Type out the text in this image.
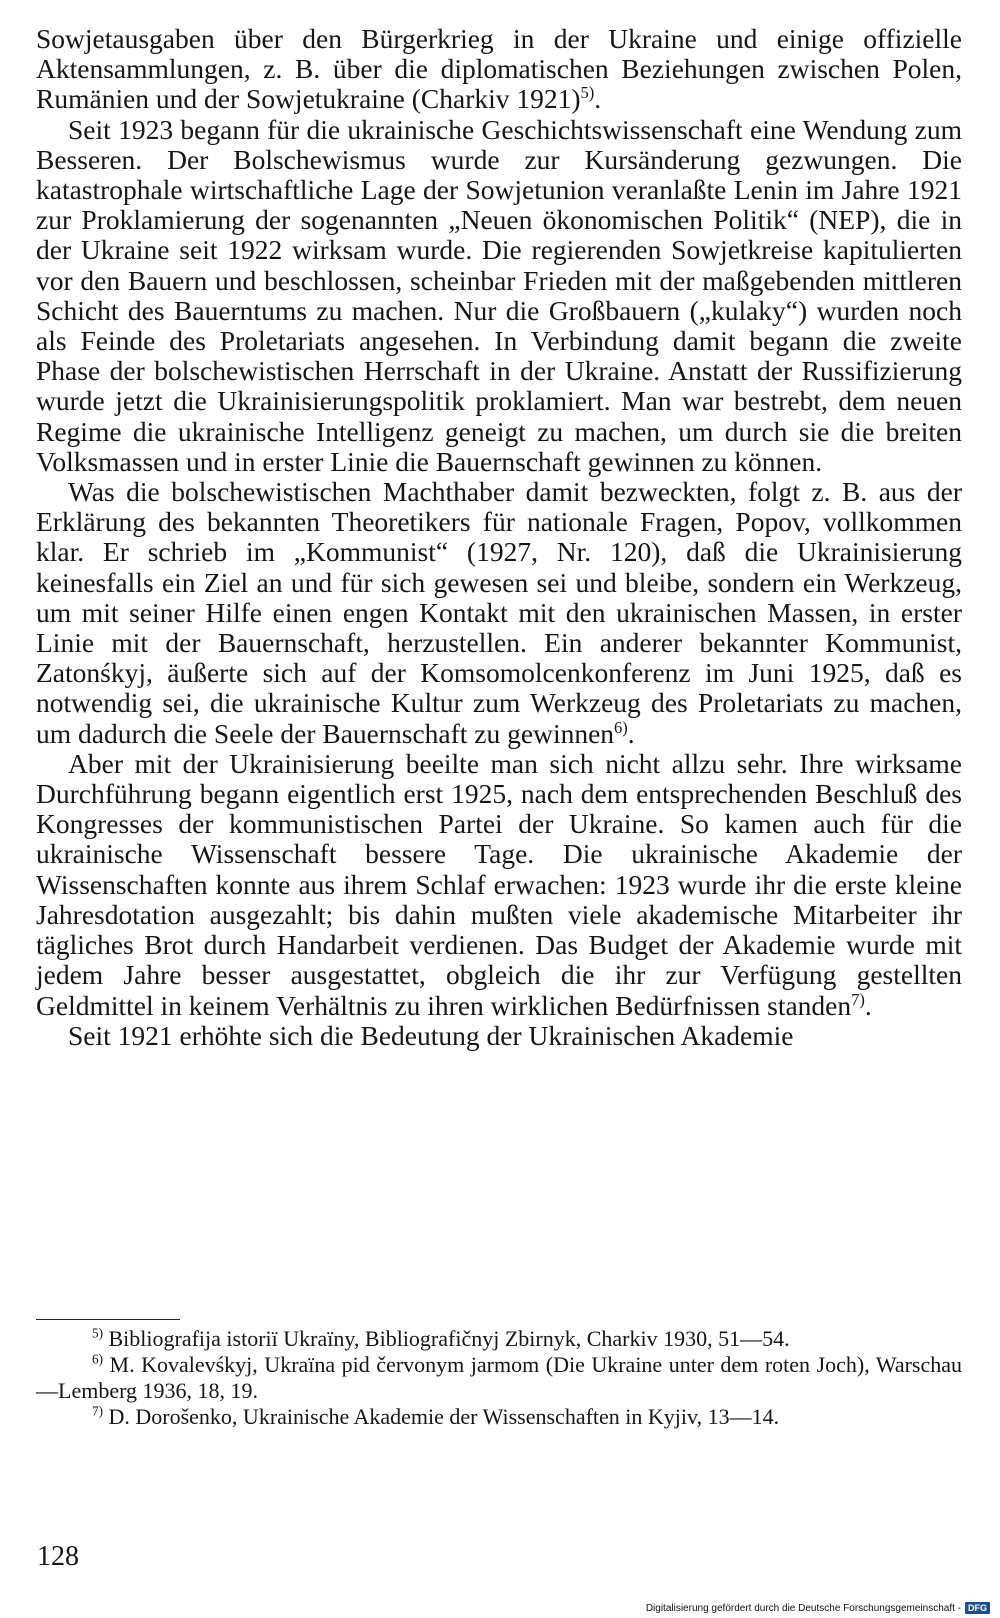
Sowjetausgaben über den Bürgerkrieg in der Ukraine und einige offizielle Aktensammlungen, z. B. über die diplomatischen Beziehungen zwischen Polen, Rumänien und der Sowjetukraine (Charkiv 1921)$^{5)}$.

Seit 1923 begann für die ukrainische Geschichtswissenschaft eine Wendung zum Besseren. Der Bolschewismus wurde zur Kursänderung gezwungen. Die katastrophale wirtschaftliche Lage der Sowjetunion veranlaßte Lenin im Jahre 1921 zur Proklamierung der sogenannten „Neuen ökonomischen Politik“ (NEP), die in der Ukraine seit 1922 wirksam wurde. Die regierenden Sowjetkreise kapitulierten vor den Bauern und beschlossen, scheinbar Frieden mit der maßgebenden mittleren Schicht des Bauerntums zu machen. Nur die Großbauern („kulaky“) wurden noch als Feinde des Proletariats angesehen. In Verbindung damit begann die zweite Phase der bolschewistischen Herrschaft in der Ukraine. Anstatt der Russifizierung wurde jetzt die Ukrainisierungspolitik proklamiert. Man war bestrebt, dem neuen Regime die ukrainische Intelligenz geneigt zu machen, um durch sie die breiten Volksmassen und in erster Linie die Bauernschaft gewinnen zu können.

Was die bolschewistischen Machthaber damit bezweckten, folgt z. B. aus der Erklärung des bekannten Theoretikers für nationale Fragen, Popov, vollkommen klar. Er schrieb im „Kommunist“ (1927, Nr. 120), daß die Ukrainisierung keinesfalls ein Ziel an und für sich gewesen sei und bleibe, sondern ein Werkzeug, um mit seiner Hilfe einen engen Kontakt mit den ukrainischen Massen, in erster Linie mit der Bauernschaft, herzustellen. Ein anderer bekannter Kommunist, Zatonśkyj, äußerte sich auf der Komsomolcenkonferenz im Juni 1925, daß es notwendig sei, die ukrainische Kultur zum Werkzeug des Proletariats zu machen, um dadurch die Seele der Bauernschaft zu gewinnen$^{6)}$.

Aber mit der Ukrainisierung beeilte man sich nicht allzu sehr. Ihre wirksame Durchführung begann eigentlich erst 1925, nach dem entsprechenden Beschluß des Kongresses der kommunistischen Partei der Ukraine. So kamen auch für die ukrainische Wissenschaft bessere Tage. Die ukrainische Akademie der Wissenschaften konnte aus ihrem Schlaf erwachen: 1923 wurde ihr die erste kleine Jahresdotation ausgezahlt; bis dahin mußten viele akademische Mitarbeiter ihr tägliches Brot durch Handarbeit verdienen. Das Budget der Akademie wurde mit jedem Jahre besser ausgestattet, obgleich die ihr zur Verfügung gestellten Geldmittel in keinem Verhältnis zu ihren wirklichen Bedürfnissen standen$^{7)}$.

Seit 1921 erhöhte sich die Bedeutung der Ukrainischen Akademie

$^{5)}$ Bibliografija istoriï Ukraïny, Bibliografičnyj Zbirnyk, Charkiv 1930, 51—54.

$^{6)}$ M. Kovalevśkyj, Ukraïna pid červonym jarmom (Die Ukraine unter dem roten Joch), Warschau—Lemberg 1936, 18, 19.

$^{7)}$ D. Dorošenko, Ukrainische Akademie der Wissenschaften in Kyjiv, 13—14.

128
Digitalisierung gefördert durch die Deutsche Forschungsgemeinschaft - DFG
